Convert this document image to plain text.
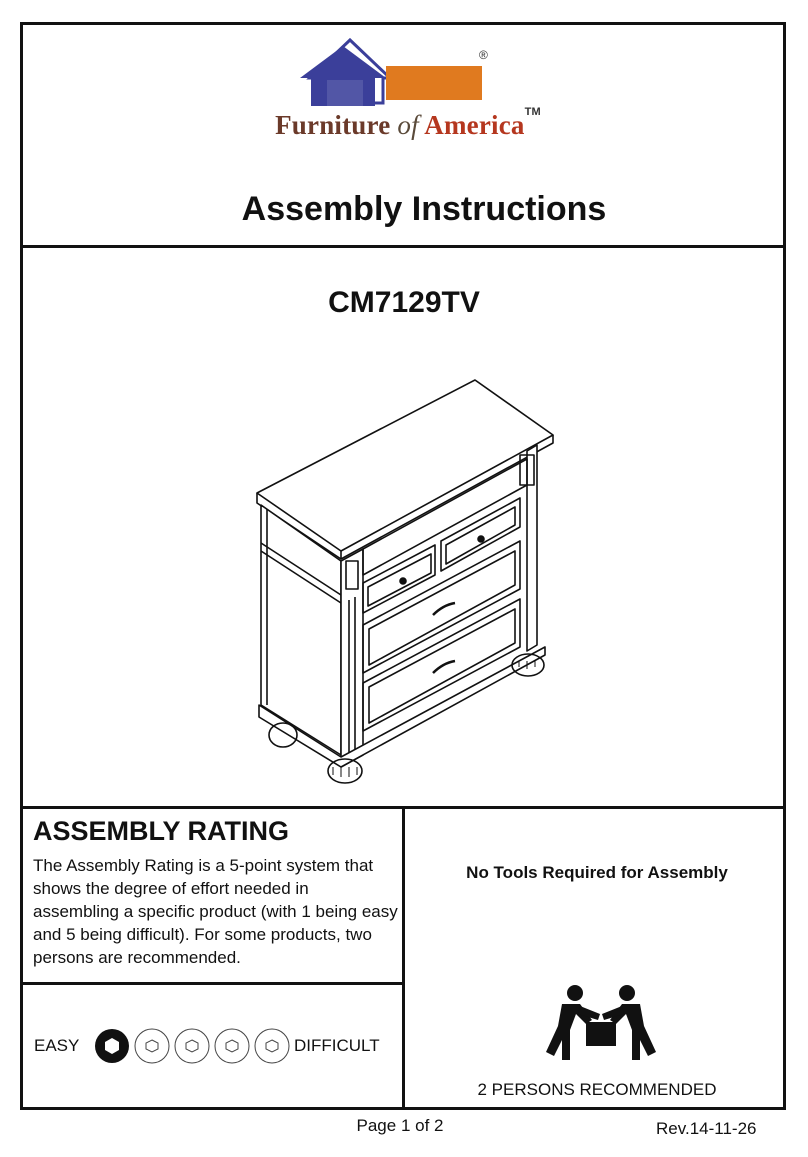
®
Furniture of America™
Assembly Instructions
CM7129TV
ASSEMBLY RATING
The Assembly Rating is a 5-point system that shows the degree of effort needed in assembling a specific product (with 1 being easy and 5 being difficult). For some products, two persons are recommended.
EASY	DIFFICULT
No Tools Required for Assembly
2 PERSONS RECOMMENDED
Page 1 of 2	Rev.14-11-26
